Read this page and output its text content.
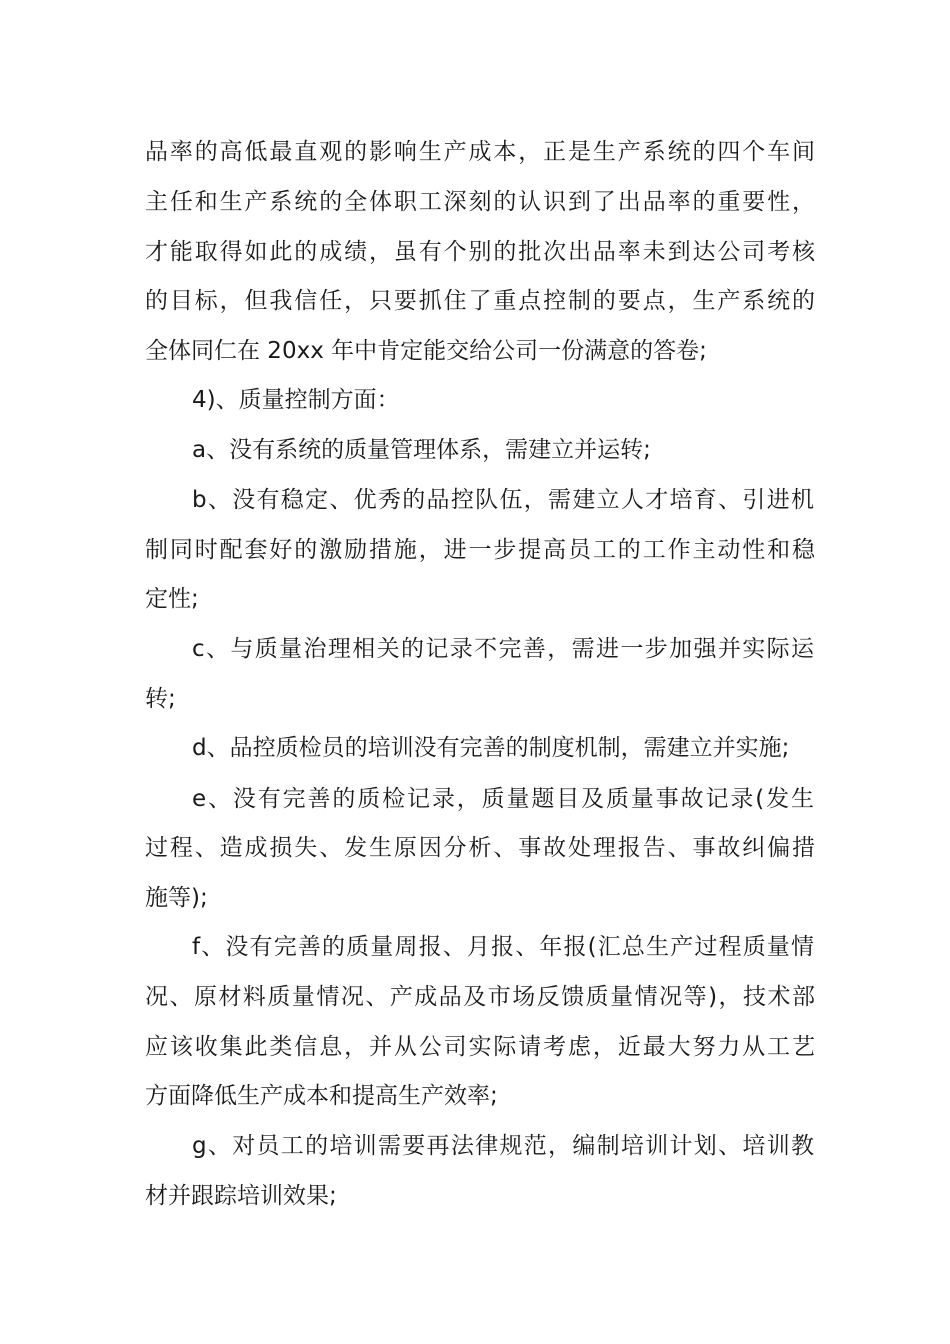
品率的高低最直观的影响生产成本，正是生产系统的四个车间
主任和生产系统的全体职工深刻的认识到了出品率的重要性，
才能取得如此的成绩，虽有个别的批次出品率未到达公司考核
的目标，但我信任，只要抓住了重点控制的要点，生产系统的
全体同仁在 20xx 年中肯定能交给公司一份满意的答卷;
4)、质量控制方面：
a、没有系统的质量管理体系，需建立并运转;
b、没有稳定、优秀的品控队伍，需建立人才培育、引进机
制同时配套好的激励措施，进一步提高员工的工作主动性和稳
定性;
c、与质量治理相关的记录不完善，需进一步加强并实际运
转;
d、品控质检员的培训没有完善的制度机制，需建立并实施;
e、没有完善的质检记录，质量题目及质量事故记录(发生
过程、造成损失、发生原因分析、事故处理报告、事故纠偏措
施等);
f、没有完善的质量周报、月报、年报(汇总生产过程质量情
况、原材料质量情况、产成品及市场反馈质量情况等)，技术部
应该收集此类信息，并从公司实际请考虑，近最大努力从工艺
方面降低生产成本和提高生产效率;
g、对员工的培训需要再法律规范，编制培训计划、培训教
材并跟踪培训效果;
